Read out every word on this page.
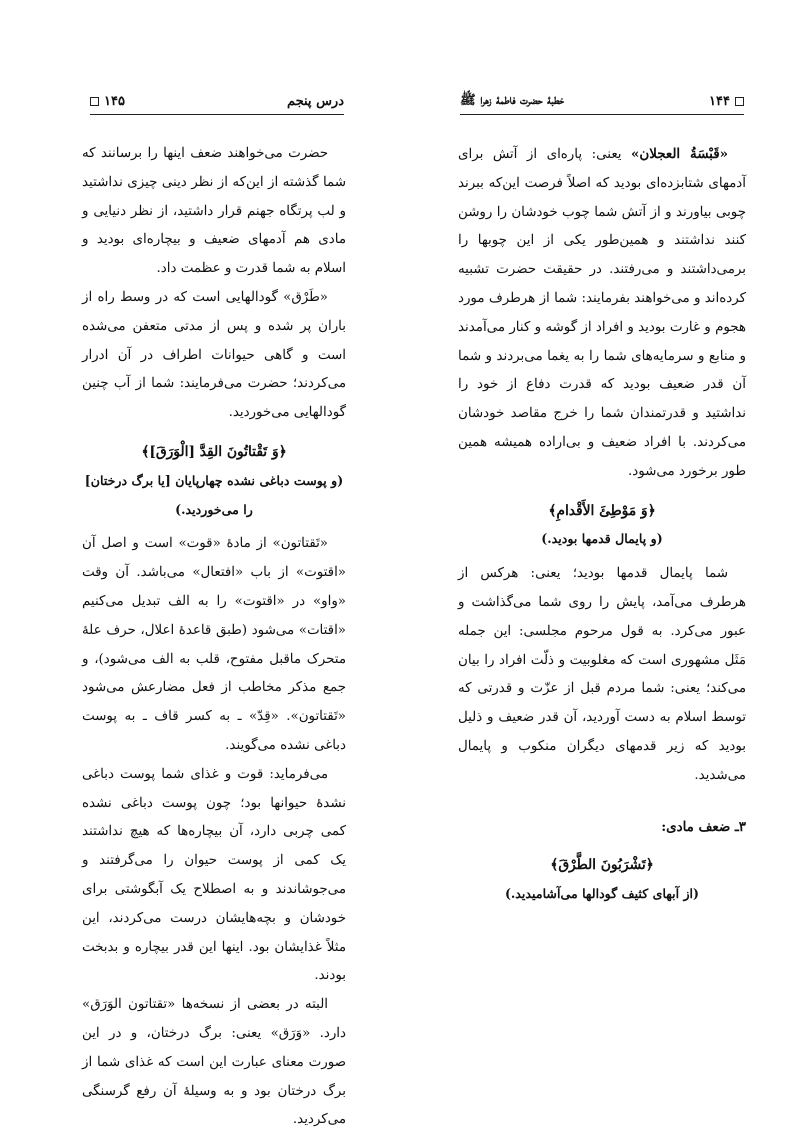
۱۴۴
خطبهٔ حضرت فاطمهٔ زهرا ﷺ

«قَبْسَةُ العجلان» یعنی: پاره‌ای از آتش برای آدمهای شتابزده‌ای بودید که اصلاً فرصت این‌که ببرند چوبی بیاورند و از آتش شما چوب خودشان را روشن کنند نداشتند و همین‌طور یکی از این چوبها را برمی‌داشتند و می‌رفتند. در حقیقت حضرت تشبیه کرده‌اند و می‌خواهند بفرمایند: شما از هرطرف مورد هجوم و غارت بودید و افراد از گوشه و کنار می‌آمدند و منابع و سرمایه‌های شما را به یغما می‌بردند و شما آن قدر ضعیف بودید که قدرت دفاع از خود را نداشتید و قدرتمندان شما را خرج مقاصد خودشان می‌کردند. با افراد ضعیف و بی‌اراده همیشه همین طور برخورد می‌شود.

﴿وَ مَوْطِئَ الأَقْدامِ﴾
(و پایمال قدمها بودید.)

شما پایمال قدمها بودید؛ یعنی: هرکس از هرطرف می‌آمد، پایش را روی شما می‌گذاشت و عبور می‌کرد. به قول مرحوم مجلسی: این جمله مَثَل مشهوری است که مغلوبیت و ذلّت افراد را بیان می‌کند؛ یعنی: شما مردم قبل از عزّت و قدرتی که توسط اسلام به دست آوردید، آن قدر ضعیف و ذلیل بودید که زیر قدمهای دیگران منکوب و پایمال می‌شدید.

۳ـ ضعف مادی:
﴿تَشْرَبُونَ الطَّرْقَ﴾
(از آبهای کثیف گودالها می‌آشامیدید.)
درس پنجم
۱۴۵

حضرت می‌خواهند ضعف اینها را برسانند که شما گذشته از این‌که از نظر دینی چیزی نداشتید و لب پرتگاه جهنم قرار داشتید، از نظر دنیایی و مادی هم آدمهای ضعیف و بیچاره‌ای بودید و اسلام به شما قدرت و عظمت داد.

«طَرْق» گودالهایی است که در وسط راه از باران پر شده و پس از مدتی متعفن می‌شده است و گاهی حیوانات اطراف در آن ادرار می‌کردند؛ حضرت می‌فرمایند: شما از آب چنین گودالهایی می‌خوردید.

﴿وَ تَقْتاتُونَ القِدَّ [الْوَرَقَ]﴾
(و پوست دباغی نشده چهارپایان [یا برگ درختان] را می‌خوردید.)

«تَقتاتون» از مادهٔ «قوت» است و اصل آن «اقتوت» از باب «افتعال» می‌باشد. آن وقت «واو» در «اقتوت» را به الف تبدیل می‌کنیم «اقتات» می‌شود (طبق قاعدهٔ اعلال، حرف علهٔ متحرک ماقبل مفتوح، قلب به الف می‌شود)، و جمع مذکر مخاطب از فعل مضارعش می‌شود «تَقتاتون». «قِدّ» ـ به کسر قاف ـ به پوست دباغی نشده می‌گویند.

می‌فرماید: قوت و غذای شما پوست دباغی نشدهٔ حیوانها بود؛ چون پوست دباغی نشده کمی چربی دارد، آن بیچاره‌ها که هیچ نداشتند یک کمی از پوست حیوان را می‌گرفتند و می‌جوشاندند و به اصطلاح یک آبگوشتی برای خودشان و بچه‌هایشان درست می‌کردند، این مثلاً غذایشان بود. اینها این قدر بیچاره و بدبخت بودند.

البته در بعضی از نسخه‌ها «تقتاتون الوَرَق» دارد. «وَرَق» یعنی: برگ درختان، و در این صورت معنای عبارت این است که غذای شما از برگ درختان بود و به وسیلهٔ آن رفع گرسنگی می‌کردید.
